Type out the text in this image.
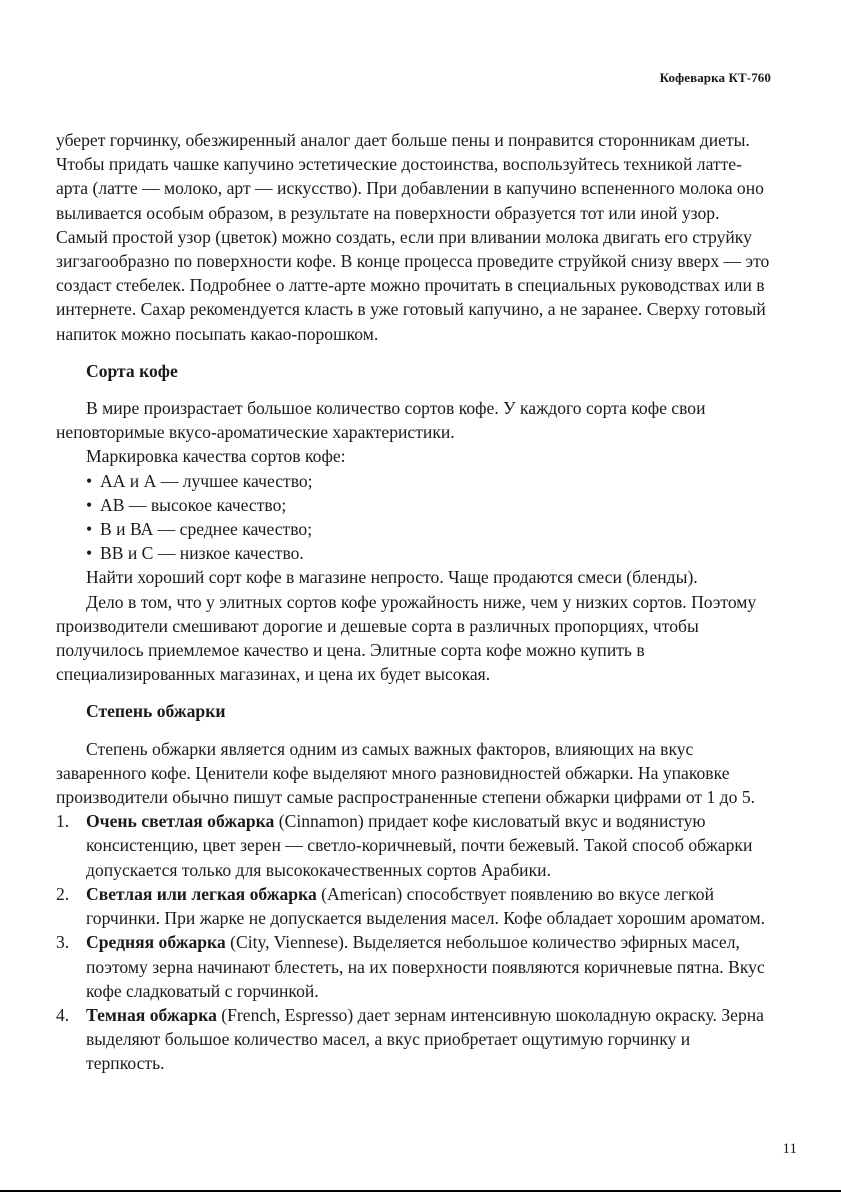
Кофеварка КТ-760

уберет горчинку, обезжиренный аналог дает больше пены и понравится сторонникам диеты. Чтобы придать чашке капучино эстетические достоинства, воспользуйтесь техникой латте-арта (латте — молоко, арт — искусство). При добавлении в капучино вспененного молока оно выливается особым образом, в результате на поверхности образуется тот или иной узор. Самый простой узор (цветок) можно создать, если при вливании молока двигать его струйку зигзагообразно по поверхности кофе. В конце процесса проведите струйкой снизу вверх — это создаст стебелек. Подробнее о латте-арте можно прочитать в специальных руководствах или в интернете. Сахар рекомендуется класть в уже готовый капучино, а не заранее. Сверху готовый напиток можно посыпать какао-порошком.

Сорта кофе

В мире произрастает большое количество сортов кофе. У каждого сорта кофе свои неповторимые вкусо-ароматические характеристики.

Маркировка качества сортов кофе:

• АА и А — лучшее качество;
• АВ — высокое качество;
• В и ВА — среднее качество;
• ВВ и С — низкое качество.

Найти хороший сорт кофе в магазине непросто. Чаще продаются смеси (бленды).

Дело в том, что у элитных сортов кофе урожайность ниже, чем у низких сортов. Поэтому производители смешивают дорогие и дешевые сорта в различных пропорциях, чтобы получилось приемлемое качество и цена. Элитные сорта кофе можно купить в специализированных магазинах, и цена их будет высокая.

Степень обжарки

Степень обжарки является одним из самых важных факторов, влияющих на вкус заваренного кофе. Ценители кофе выделяют много разновидностей обжарки. На упаковке производители обычно пишут самые распространенные степени обжарки цифрами от 1 до 5.

1. Очень светлая обжарка (Cinnamon) придает кофе кисловатый вкус и водянистую консистенцию, цвет зерен — светло-коричневый, почти бежевый. Такой способ обжарки допускается только для высококачественных сортов Арабики.
2. Светлая или легкая обжарка (American) способствует появлению во вкусе легкой горчинки. При жарке не допускается выделения масел. Кофе обладает хорошим ароматом.
3. Средняя обжарка (City, Viennese). Выделяется небольшое количество эфирных масел, поэтому зерна начинают блестеть, на их поверхности появляются коричневые пятна. Вкус кофе сладковатый с горчинкой.
4. Темная обжарка (French, Espresso) дает зернам интенсивную шоколадную окраску. Зерна выделяют большое количество масел, а вкус приобретает ощутимую горчинку и терпкость.
11
